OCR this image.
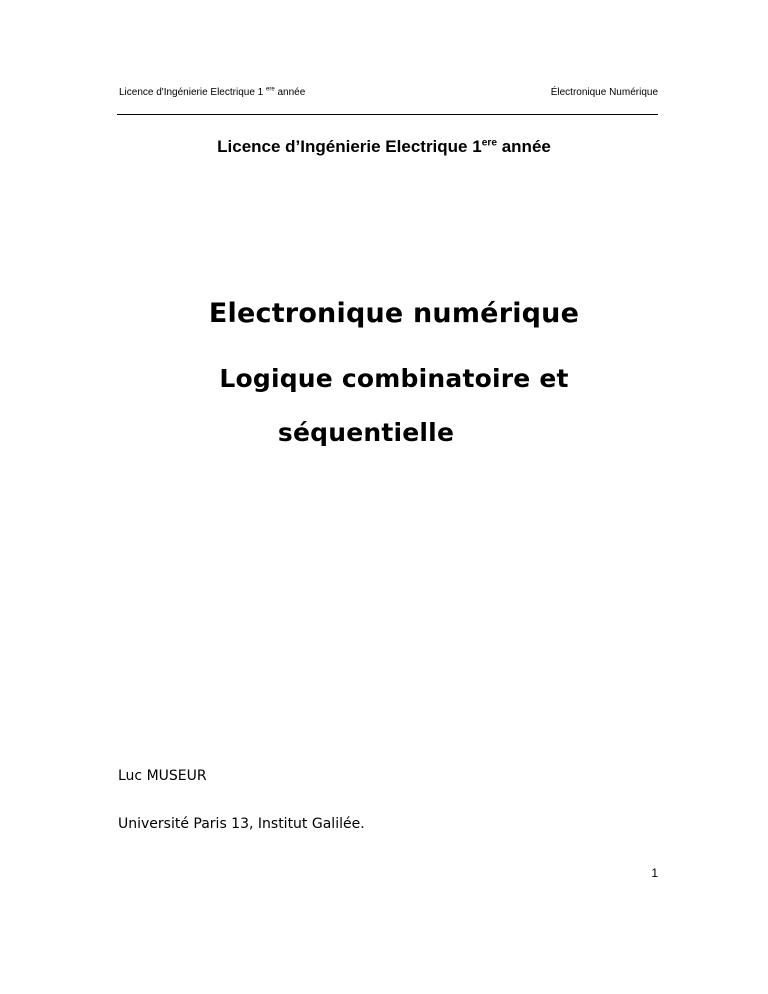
Licence d'Ingénierie Electrique 1 $^{ere}$ année	Électronique Numérique
Licence d’Ingénierie Electrique 1ere année
Electronique numérique
Logique combinatoire et
séquentielle
Luc MUSEUR
Université Paris 13, Institut Galilée.
1
